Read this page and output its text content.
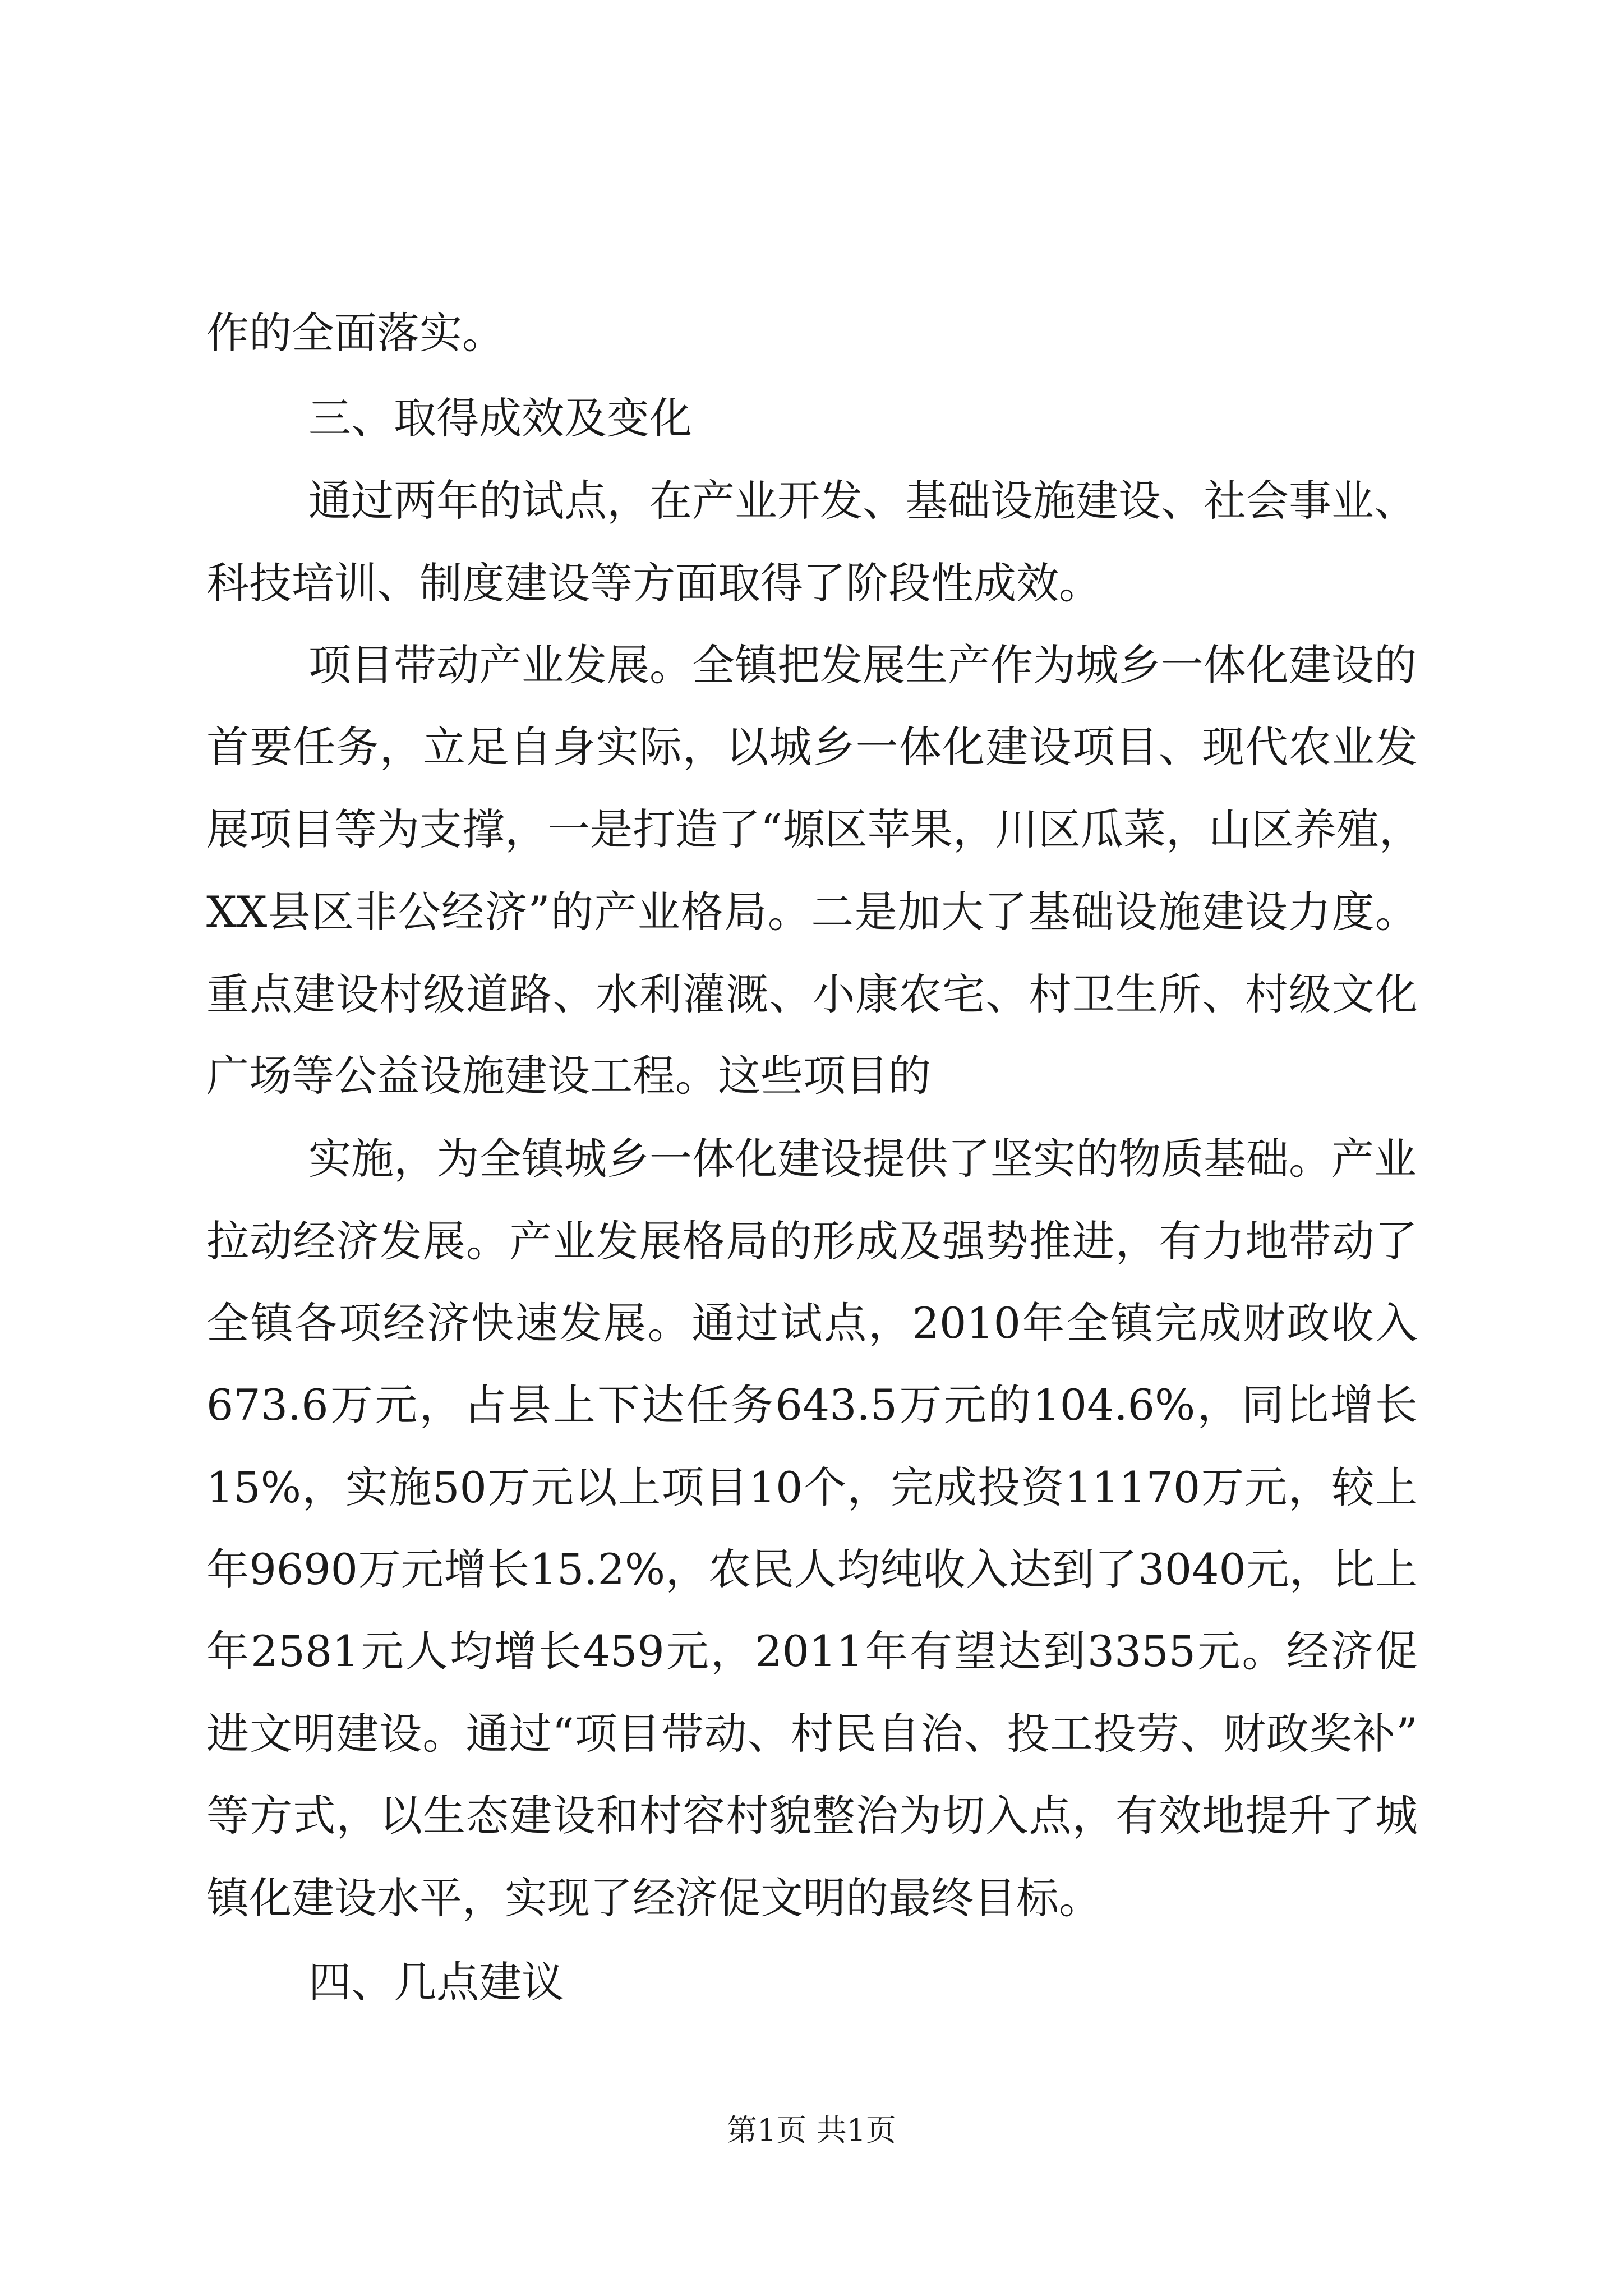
作的全面落实。
三、取得成效及变化
通过两年的试点，在产业开发、基础设施建设、社会事业、
科技培训、制度建设等方面取得了阶段性成效。
项目带动产业发展。全镇把发展生产作为城乡一体化建设的
首要任务，立足自身实际，以城乡一体化建设项目、现代农业发
展项目等为支撑，一是打造了“塬区苹果，川区瓜菜，山区养殖，
XX县区非公经济”的产业格局。二是加大了基础设施建设力度。
重点建设村级道路、水利灌溉、小康农宅、村卫生所、村级文化
广场等公益设施建设工程。这些项目的
实施，为全镇城乡一体化建设提供了坚实的物质基础。产业
拉动经济发展。产业发展格局的形成及强势推进，有力地带动了
全镇各项经济快速发展。通过试点，2010年全镇完成财政收入
673.6万元，占县上下达任务643.5万元的104.6%，同比增长
15%，实施50万元以上项目10个，完成投资11170万元，较上
年9690万元增长15.2%，农民人均纯收入达到了3040元，比上
年2581元人均增长459元，2011年有望达到3355元。经济促
进文明建设。通过“项目带动、村民自治、投工投劳、财政奖补”
等方式，以生态建设和村容村貌整治为切入点，有效地提升了城
镇化建设水平，实现了经济促文明的最终目标。
四、几点建议
第1页 共1页
